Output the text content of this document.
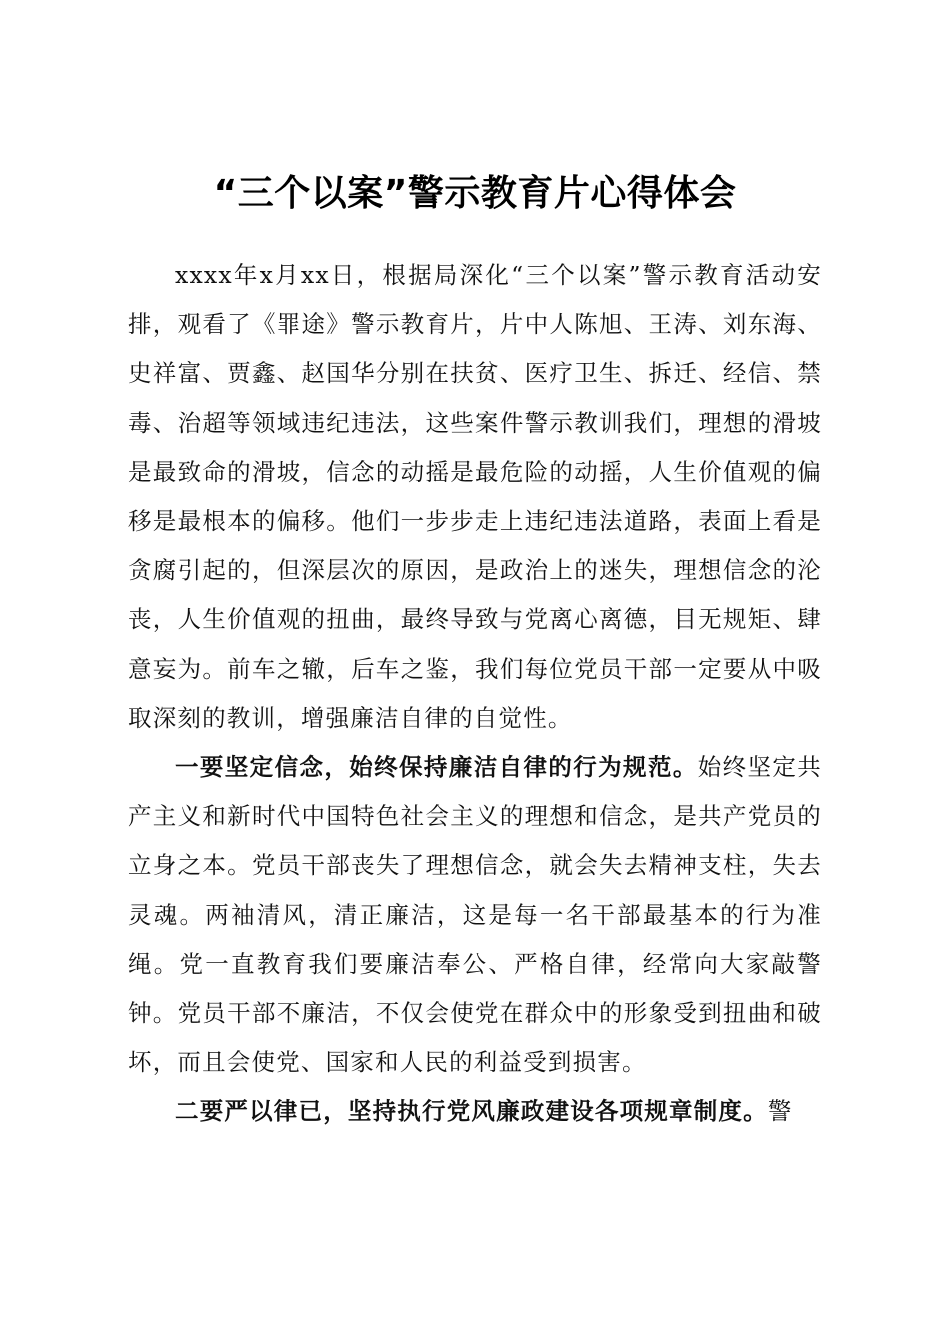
“三个以案”警示教育片心得体会

xxxx年x月xx日，根据局深化“三个以案”警示教育活动安排，观看了《罪途》警示教育片，片中人陈旭、王涛、刘东海、史祥富、贾鑫、赵国华分别在扶贫、医疗卫生、拆迁、经信、禁毒、治超等领域违纪违法，这些案件警示教训我们，理想的滑坡是最致命的滑坡，信念的动摇是最危险的动摇，人生价值观的偏移是最根本的偏移。他们一步步走上违纪违法道路，表面上看是贪腐引起的，但深层次的原因，是政治上的迷失，理想信念的沦丧，人生价值观的扭曲，最终导致与党离心离德，目无规矩、肆意妄为。前车之辙，后车之鉴，我们每位党员干部一定要从中吸取深刻的教训，增强廉洁自律的自觉性。

一要坚定信念，始终保持廉洁自律的行为规范。始终坚定共产主义和新时代中国特色社会主义的理想和信念，是共产党员的立身之本。党员干部丧失了理想信念，就会失去精神支柱，失去灵魂。两袖清风，清正廉洁，这是每一名干部最基本的行为准绳。党一直教育我们要廉洁奉公、严格自律，经常向大家敲警钟。党员干部不廉洁，不仅会使党在群众中的形象受到扭曲和破坏，而且会使党、国家和人民的利益受到损害。

二要严以律已，坚持执行党风廉政建设各项规章制度。警
